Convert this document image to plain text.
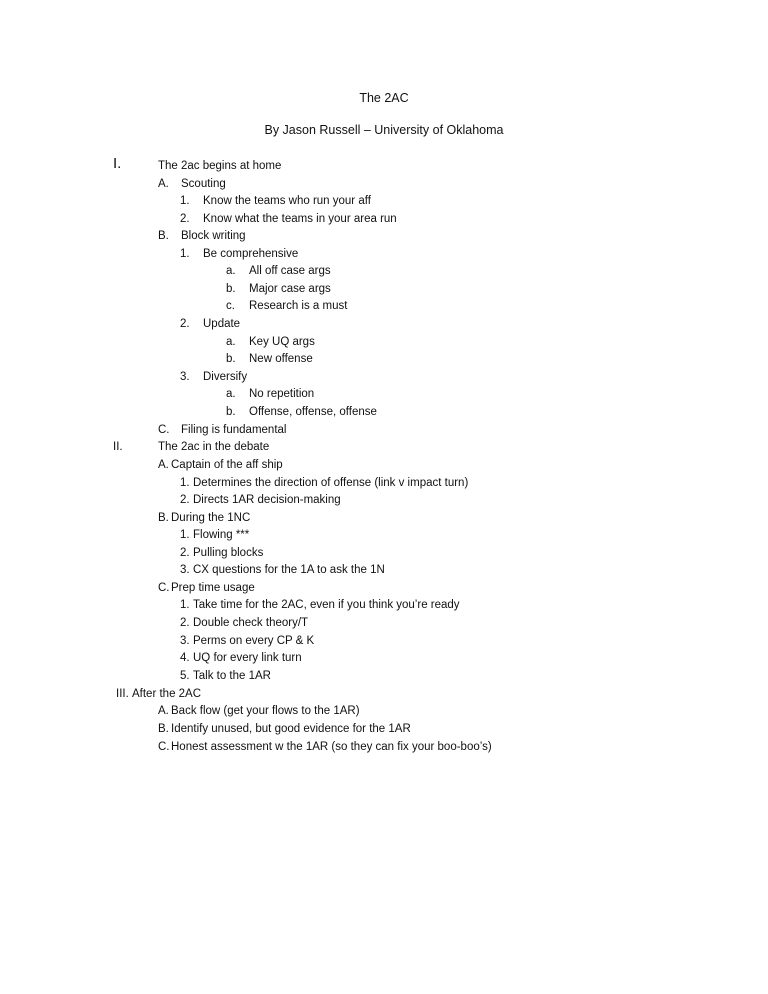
The 2AC
By Jason Russell – University of Oklahoma
I.	The 2ac begins at home
A. Scouting
1. Know the teams who run your aff
2. Know what the teams in your area run
B. Block writing
1. Be comprehensive
a. All off case args
b. Major case args
c. Research is a must
2. Update
a. Key UQ args
b. New offense
3. Diversify
a. No repetition
b. Offense, offense, offense
C. Filing is fundamental
II.	The 2ac in the debate
A. Captain of the aff ship
1. Determines the direction of offense (link v impact turn)
2. Directs 1AR decision-making
B. During the 1NC
1. Flowing ***
2. Pulling blocks
3. CX questions for the 1A to ask the 1N
C. Prep time usage
1. Take time for the 2AC, even if you think you’re ready
2. Double check theory/T
3. Perms on every CP & K
4. UQ for every link turn
5. Talk to the 1AR
III. After the 2AC
A. Back flow (get your flows to the 1AR)
B. Identify unused, but good evidence for the 1AR
C. Honest assessment w the 1AR (so they can fix your boo-boo’s)
